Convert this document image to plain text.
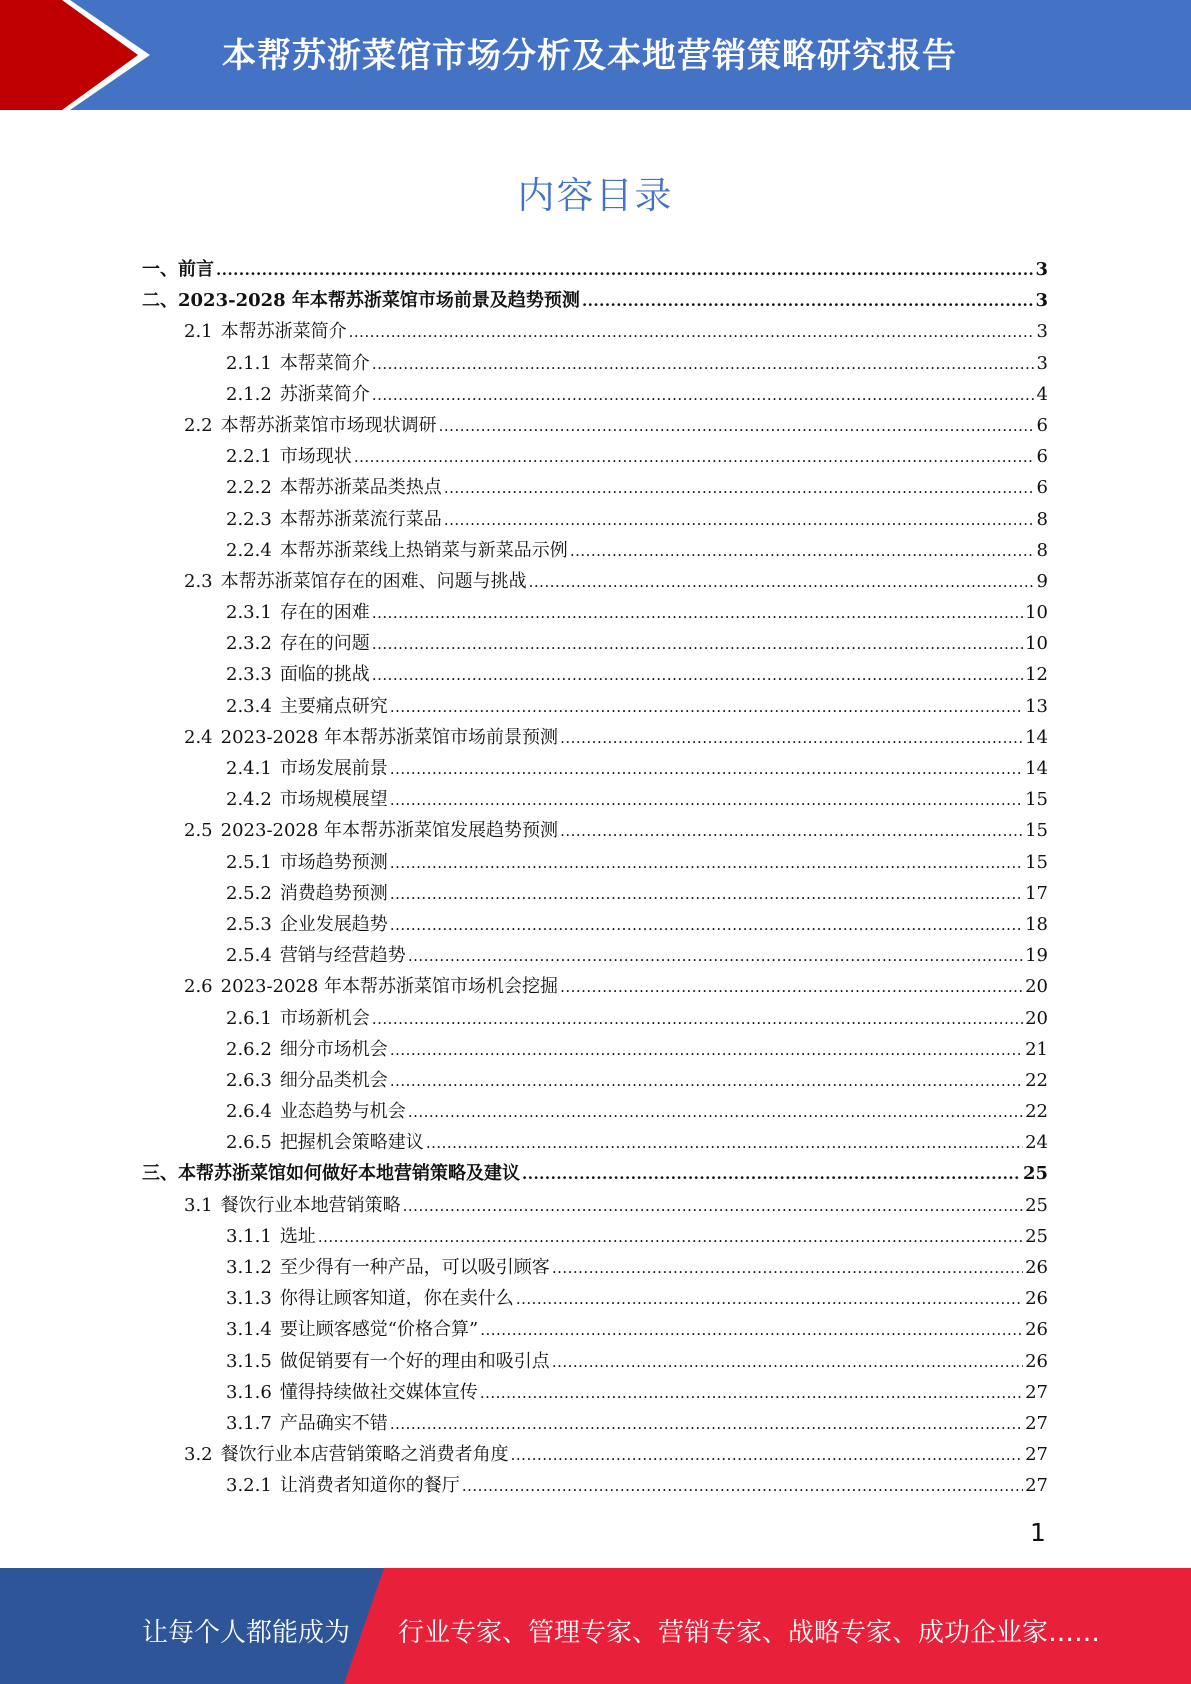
本帮苏浙菜馆市场分析及本地营销策略研究报告
内容目录
一、 前言 .....	3
二、 2023-2028 年本帮苏浙菜馆市场前景及趋势预测 .....	3
2.1 本帮苏浙菜简介 .....	3
2.1.1 本帮菜简介 .....	3
2.1.2 苏浙菜简介 .....	4
2.2 本帮苏浙菜馆市场现状调研 .....	6
2.2.1 市场现状 .....	6
2.2.2 本帮苏浙菜品类热点 .....	6
2.2.3 本帮苏浙菜流行菜品 .....	8
2.2.4 本帮苏浙菜线上热销菜与新菜品示例 .....	8
2.3 本帮苏浙菜馆存在的困难、问题与挑战 .....	9
2.3.1 存在的困难 .....	10
2.3.2 存在的问题 .....	10
2.3.3 面临的挑战 .....	12
2.3.4 主要痛点研究 .....	13
2.4 2023-2028 年本帮苏浙菜馆市场前景预测 .....	14
2.4.1 市场发展前景 .....	14
2.4.2 市场规模展望 .....	15
2.5 2023-2028 年本帮苏浙菜馆发展趋势预测 .....	15
2.5.1 市场趋势预测 .....	15
2.5.2 消费趋势预测 .....	17
2.5.3 企业发展趋势 .....	18
2.5.4 营销与经营趋势 .....	19
2.6 2023-2028 年本帮苏浙菜馆市场机会挖掘 .....	20
2.6.1 市场新机会 .....	20
2.6.2 细分市场机会 .....	21
2.6.3 细分品类机会 .....	22
2.6.4 业态趋势与机会 .....	22
2.6.5 把握机会策略建议 .....	24
三、 本帮苏浙菜馆如何做好本地营销策略及建议 .....	25
3.1 餐饮行业本地营销策略 .....	25
3.1.1 选址 .....	25
3.1.2 至少得有一种产品，可以吸引顾客 .....	26
3.1.3 你得让顾客知道，你在卖什么 .....	26
3.1.4 要让顾客感觉“价格合算” .....	26
3.1.5 做促销要有一个好的理由和吸引点 .....	26
3.1.6 懂得持续做社交媒体宣传 .....	27
3.1.7 产品确实不错 .....	27
3.2 餐饮行业本店营销策略之消费者角度 .....	27
3.2.1 让消费者知道你的餐厅 .....	27
1
让每个人都能成为 行业专家、管理专家、营销专家、战略专家、成功企业家……
